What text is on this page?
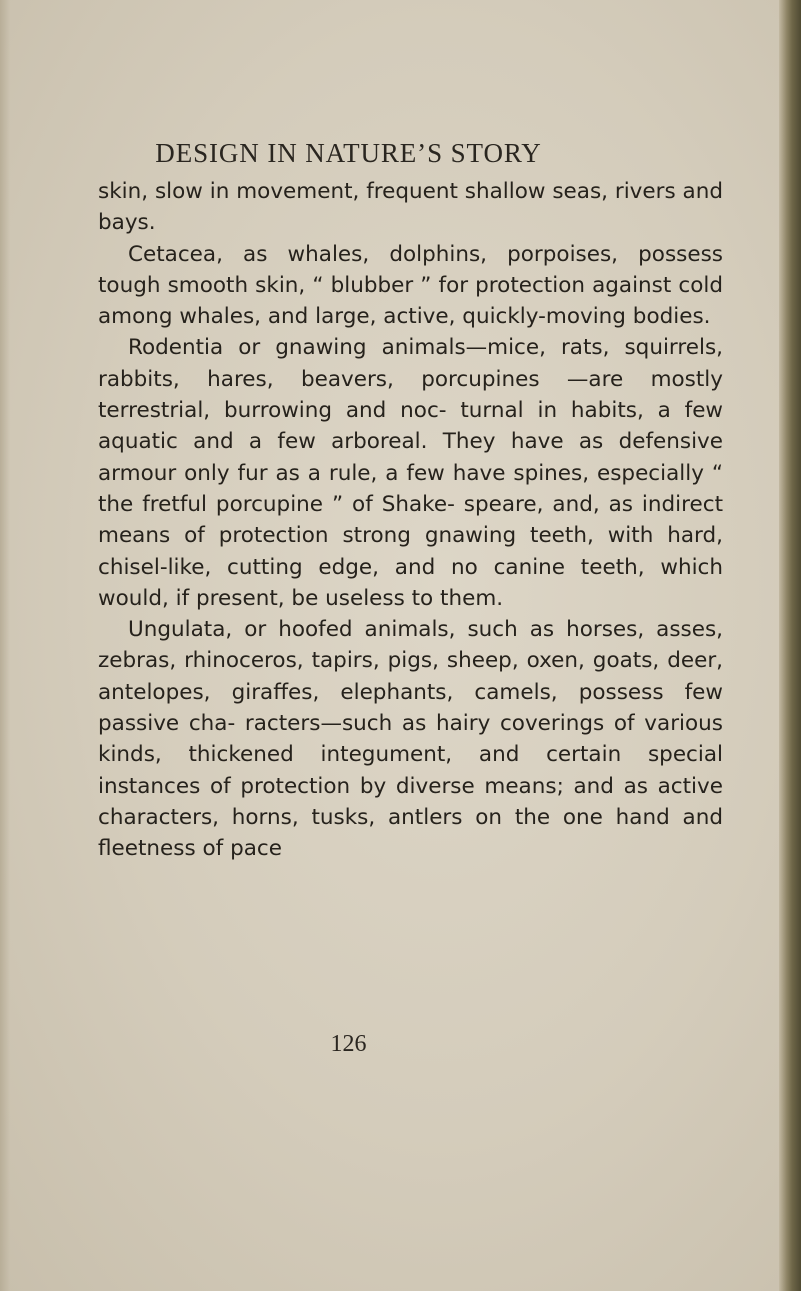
DESIGN IN NATURE’S STORY

skin, slow in movement, frequent shallow seas, rivers and bays.

Cetacea, as whales, dolphins, porpoises, possess tough smooth skin, “ blubber ” for protection against cold among whales, and large, active, quickly-moving bodies.

Rodentia or gnawing animals—mice, rats, squirrels, rabbits, hares, beavers, porcupines —are mostly terrestrial, burrowing and noc- turnal in habits, a few aquatic and a few arboreal. They have as defensive armour only fur as a rule, a few have spines, especially “ the fretful porcupine ” of Shake- speare, and, as indirect means of protection strong gnawing teeth, with hard, chisel-like, cutting edge, and no canine teeth, which would, if present, be useless to them.

Ungulata, or hoofed animals, such as horses, asses, zebras, rhinoceros, tapirs, pigs, sheep, oxen, goats, deer, antelopes, giraffes, elephants, camels, possess few passive cha- racters—such as hairy coverings of various kinds, thickened integument, and certain special instances of protection by diverse means; and as active characters, horns, tusks, antlers on the one hand and fleetness of pace

126
